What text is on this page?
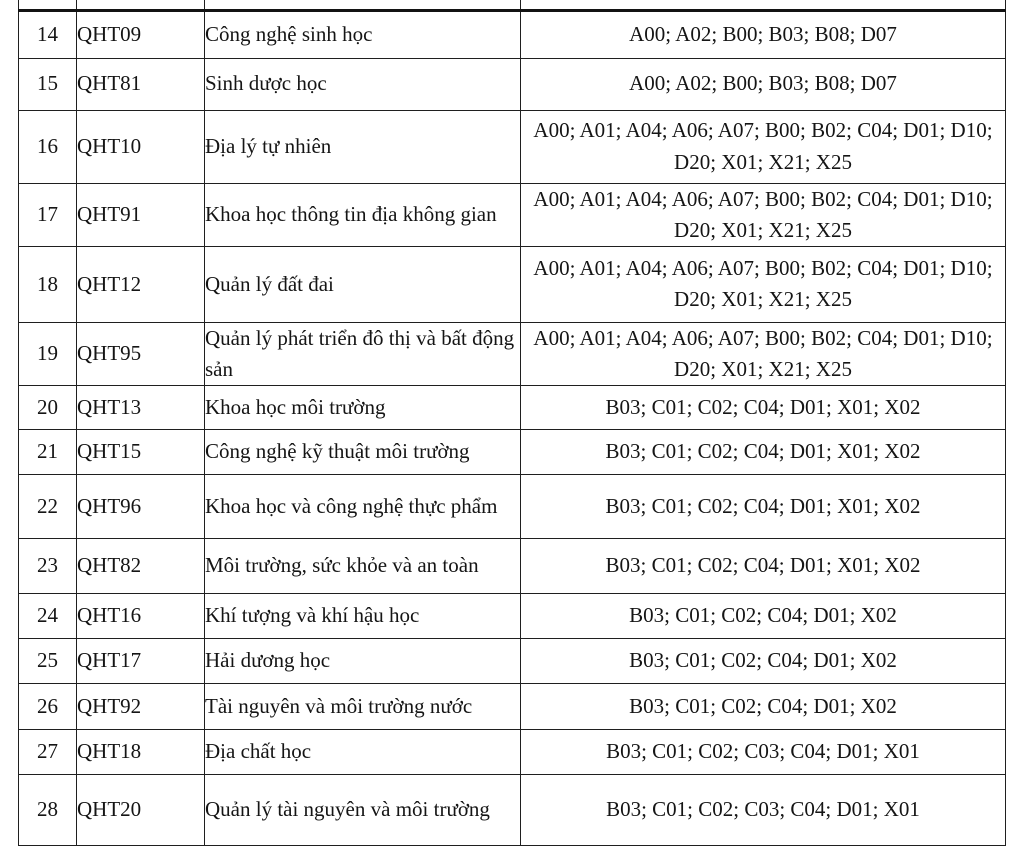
14	QHT09	Công nghệ sinh học	A00; A02; B00; B03; B08; D07
15	QHT81	Sinh dược học	A00; A02; B00; B03; B08; D07
16	QHT10	Địa lý tự nhiên	A00; A01; A04; A06; A07; B00; B02; C04; D01; D10; D20; X01; X21; X25
17	QHT91	Khoa học thông tin địa không gian	A00; A01; A04; A06; A07; B00; B02; C04; D01; D10; D20; X01; X21; X25
18	QHT12	Quản lý đất đai	A00; A01; A04; A06; A07; B00; B02; C04; D01; D10; D20; X01; X21; X25
19	QHT95	Quản lý phát triển đô thị và bất động sản	A00; A01; A04; A06; A07; B00; B02; C04; D01; D10; D20; X01; X21; X25
20	QHT13	Khoa học môi trường	B03; C01; C02; C04; D01; X01; X02
21	QHT15	Công nghệ kỹ thuật môi trường	B03; C01; C02; C04; D01; X01; X02
22	QHT96	Khoa học và công nghệ thực phẩm	B03; C01; C02; C04; D01; X01; X02
23	QHT82	Môi trường, sức khỏe và an toàn	B03; C01; C02; C04; D01; X01; X02
24	QHT16	Khí tượng và khí hậu học	B03; C01; C02; C04; D01; X02
25	QHT17	Hải dương học	B03; C01; C02; C04; D01; X02
26	QHT92	Tài nguyên và môi trường nước	B03; C01; C02; C04; D01; X02
27	QHT18	Địa chất học	B03; C01; C02; C03; C04; D01; X01
28	QHT20	Quản lý tài nguyên và môi trường	B03; C01; C02; C03; C04; D01; X01
